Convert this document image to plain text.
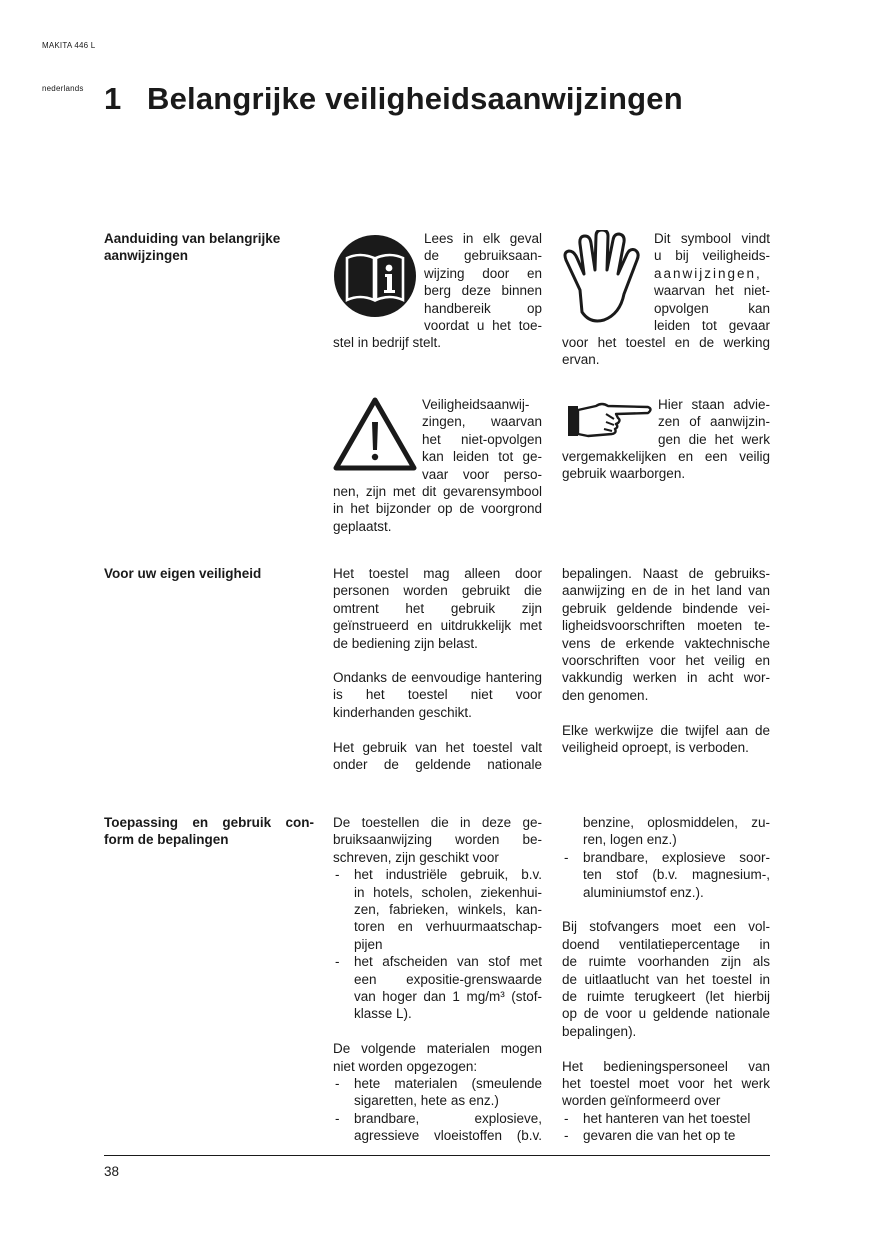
MAKITA 446 L
nederlands 1 Belangrijke veiligheidsaanwijzingen
Aanduiding van belangrijke aanwijzingen
Lees in elk geval
de gebruiksaan-
wijzing door en
berg deze binnen
handbereik op
voordat u het toe-
stel in bedrijf stelt.
Dit symbool vindt
u bij veiligheids-
aanwijzingen,
waarvan het niet-
opvolgen kan
leiden tot gevaar
voor het toestel en de werking
ervan.
Veiligheidsaanwij-
zingen, waarvan
het niet-opvolgen
kan leiden tot ge-
vaar voor perso-
nen, zijn met dit gevarensymbool
in het bijzonder op de voorgrond
geplaatst.
Hier staan advie-
zen of aanwijzin-
gen die het werk
vergemakkelijken en een veilig
gebruik waarborgen.
Voor uw eigen veiligheid	Het toestel mag alleen door personen worden gebruikt die omtrent het gebruik zijn geïnstrueerd en uitdrukkelijk met de bediening zijn belast.
Ondanks de eenvoudige hantering is het toestel niet voor kinderhanden geschikt.
Het gebruik van het toestel valt
onder de geldende nationale
bepalingen. Naast de gebruiks-
aanwijzing en de in het land van
gebruik geldende bindende vei-
ligheidsvoorschriften moeten te-
vens de erkende vaktechnische
voorschriften voor het veilig en
vakkundig werken in acht wor-
den genomen.
Elke werkwijze die twijfel aan de veiligheid oproept, is verboden.
Toepassing en gebruik con-
form de bepalingen
De toestellen die in deze ge-
bruiksaanwijzing worden be-
schreven, zijn geschikt voor
- het industriële gebruik, b.v.
in hotels, scholen, ziekenhui-
zen, fabrieken, winkels, kan-
toren en verhuurmaatschap-
pijen
- het afscheiden van stof met
een expositie-grenswaarde
van hoger dan 1 mg/m³ (stof-
klasse L).
De volgende materialen mogen
niet worden opgezogen:
- hete materialen (smeulende
sigaretten, hete as enz.)
- brandbare, explosieve,
agressieve vloeistoffen (b.v.
benzine, oplosmiddelen, zu-
ren, logen enz.)
- brandbare, explosieve soor-
ten stof (b.v. magnesium-,
aluminiumstof enz.).
Bij stofvangers moet een vol-
doend ventilatiepercentage in
de ruimte voorhanden zijn als
de uitlaatlucht van het toestel in
de ruimte terugkeert (let hierbij
op de voor u geldende nationale
bepalingen).
Het bedieningspersoneel van
het toestel moet voor het werk
worden geïnformeerd over
- het hanteren van het toestel
- gevaren die van het op te
38
